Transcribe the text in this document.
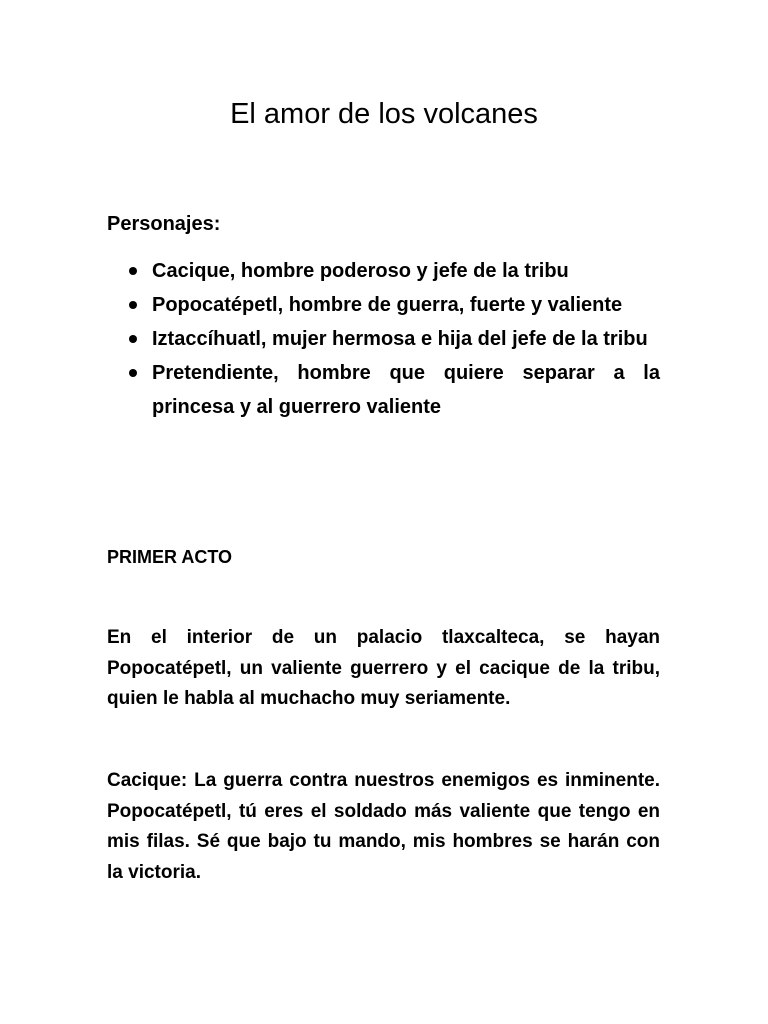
El amor de los volcanes
Personajes:
Cacique, hombre poderoso y jefe de la tribu
Popocatépetl, hombre de guerra, fuerte y valiente
Iztaccíhuatl, mujer hermosa e hija del jefe de la tribu
Pretendiente, hombre que quiere separar a la princesa y al guerrero valiente
PRIMER ACTO

En el interior de un palacio tlaxcalteca, se hayan Popocatépetl, un valiente guerrero y el cacique de la tribu, quien le habla al muchacho muy seriamente.

Cacique: La guerra contra nuestros enemigos es inminente. Popocatépetl, tú eres el soldado más valiente que tengo en mis filas. Sé que bajo tu mando, mis hombres se harán con la victoria.
